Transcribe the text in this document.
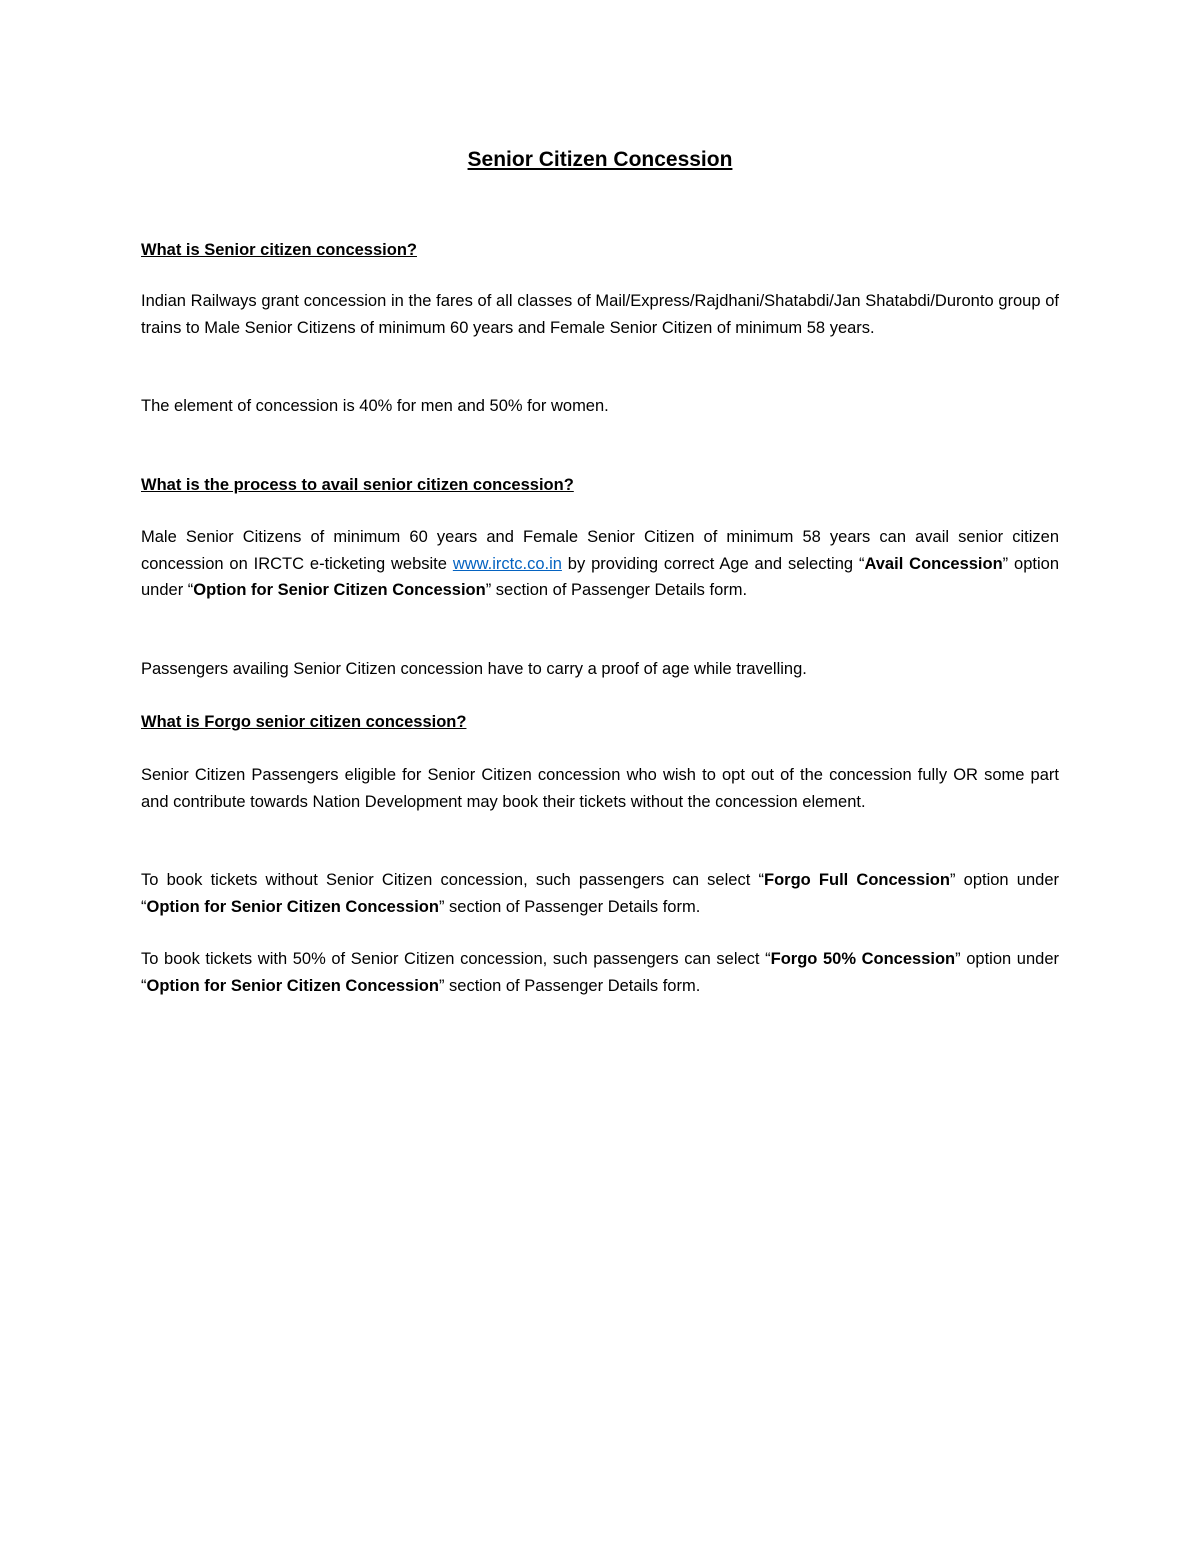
Senior Citizen Concession
What is Senior citizen concession?

Indian Railways grant concession in the fares of all classes of Mail/Express/Rajdhani/Shatabdi/Jan Shatabdi/Duronto group of trains to Male Senior Citizens of minimum 60 years and Female Senior Citizen of minimum 58 years.

The element of concession is 40% for men and 50% for women.

What is the process to avail senior citizen concession?

Male Senior Citizens of minimum 60 years and Female Senior Citizen of minimum 58 years can avail senior citizen concession on IRCTC e-ticketing website www.irctc.co.in by providing correct Age and selecting “Avail Concession” option under “Option for Senior Citizen Concession” section of Passenger Details form.

Passengers availing Senior Citizen concession have to carry a proof of age while travelling.

What is Forgo senior citizen concession?

Senior Citizen Passengers eligible for Senior Citizen concession who wish to opt out of the concession fully OR some part and contribute towards Nation Development may book their tickets without the concession element.

To book tickets without Senior Citizen concession, such passengers can select “Forgo Full Concession” option under “Option for Senior Citizen Concession” section of Passenger Details form.

To book tickets with 50% of Senior Citizen concession, such passengers can select “Forgo 50% Concession” option under “Option for Senior Citizen Concession” section of Passenger Details form.
